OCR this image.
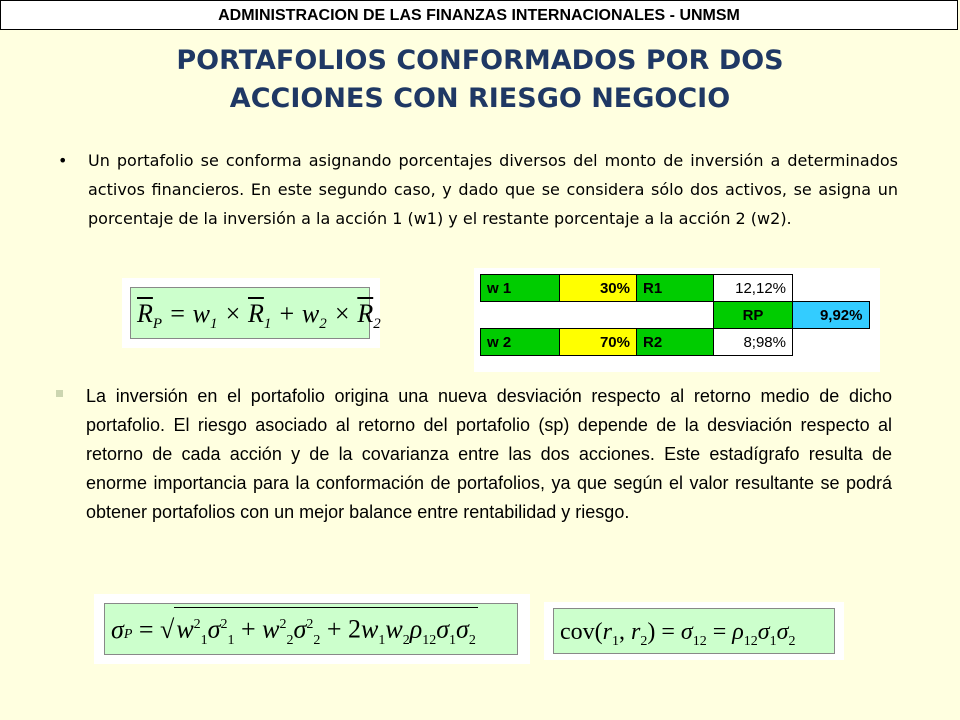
ADMINISTRACION DE LAS FINANZAS INTERNACIONALES - UNMSM
PORTAFOLIOS CONFORMADOS POR DOS
ACCIONES CON RIESGO NEGOCIO
• Un portafolio se conforma asignando porcentajes diversos del monto de inversión a determinados activos financieros. En este segundo caso, y dado que se considera sólo dos activos, se asigna un porcentaje de la inversión a la acción 1 (w1) y el restante porcentaje a la acción 2 (w2).
$\overline{R}_P = w_1 \times \overline{R}_1 + w_2 \times \overline{R}_2$
w 1	30%	R1	12,12%	
			RP	9,92%
w 2	70%	R2	8;98%	
La inversión en el portafolio origina una nueva desviación respecto al retorno medio de dicho portafolio. El riesgo asociado al retorno del portafolio (sp) depende de la desviación respecto al retorno de cada acción y de la covarianza entre las dos acciones. Este estadígrafo resulta de enorme importancia para la conformación de portafolios, ya que según el valor resultante se podrá obtener portafolios con un mejor balance entre rentabilidad y riesgo.
$\sigma P = √w^2_1\sigma^2_1 + w^2_2\sigma^2_2 + 2w_1w_2\rho_{12}\sigma_1\sigma_2$	$cov(r_1$, $r_2) = \sigma_{12} = \rho_{12}\sigma_1\sigma_2$
